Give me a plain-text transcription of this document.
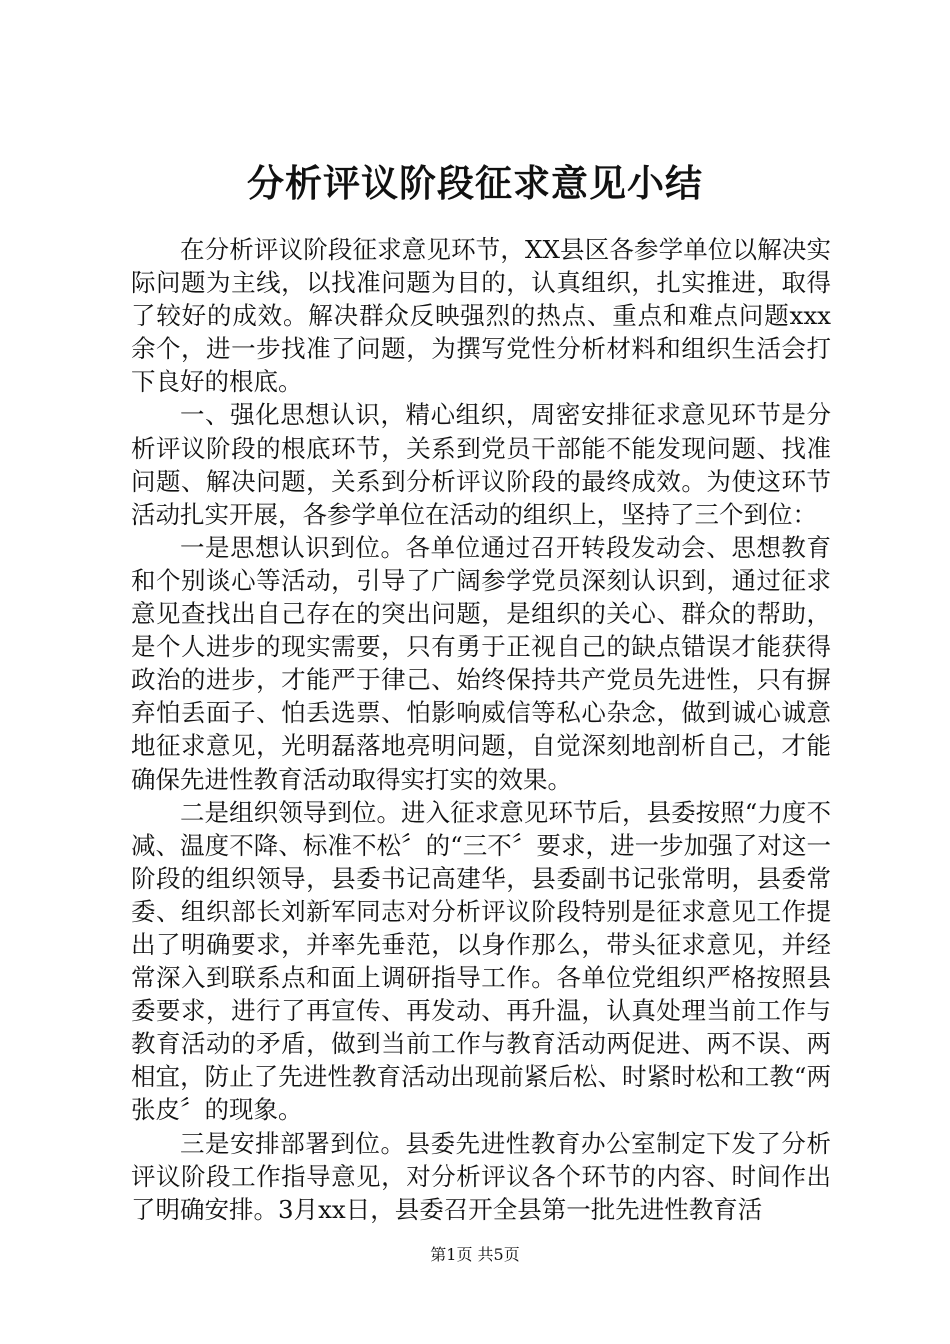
分析评议阶段征求意见小结

在分析评议阶段征求意见环节，XX县区各参学单位以解决实际问题为主线，以找准问题为目的，认真组织，扎实推进，取得了较好的成效。解决群众反映强烈的热点、重点和难点问题xxx余个，进一步找准了问题，为撰写党性分析材料和组织生活会打下良好的根底。

一、强化思想认识，精心组织，周密安排征求意见环节是分析评议阶段的根底环节，关系到党员干部能不能发现问题、找准问题、解决问题，关系到分析评议阶段的最终成效。为使这环节活动扎实开展，各参学单位在活动的组织上，坚持了三个到位：

一是思想认识到位。各单位通过召开转段发动会、思想教育和个别谈心等活动，引导了广阔参学党员深刻认识到，通过征求意见查找出自己存在的突出问题，是组织的关心、群众的帮助，是个人进步的现实需要，只有勇于正视自己的缺点错误才能获得政治的进步，才能严于律己、始终保持共产党员先进性，只有摒弃怕丢面子、怕丢选票、怕影响威信等私心杂念，做到诚心诚意地征求意见，光明磊落地亮明问题，自觉深刻地剖析自己，才能确保先进性教育活动取得实打实的效果。

二是组织领导到位。进入征求意见环节后，县委按照“力度不减、温度不降、标准不松〞的“三不〞要求，进一步加强了对这一阶段的组织领导，县委书记高建华，县委副书记张常明，县委常委、组织部长刘新军同志对分析评议阶段特别是征求意见工作提出了明确要求，并率先垂范，以身作那么，带头征求意见，并经常深入到联系点和面上调研指导工作。各单位党组织严格按照县委要求，进行了再宣传、再发动、再升温，认真处理当前工作与教育活动的矛盾，做到当前工作与教育活动两促进、两不误、两相宜，防止了先进性教育活动出现前紧后松、时紧时松和工教“两张皮〞的现象。

三是安排部署到位。县委先进性教育办公室制定下发了分析评议阶段工作指导意见，对分析评议各个环节的内容、时间作出了明确安排。3月xx日，县委召开全县第一批先进性教育活

第1页 共5页
